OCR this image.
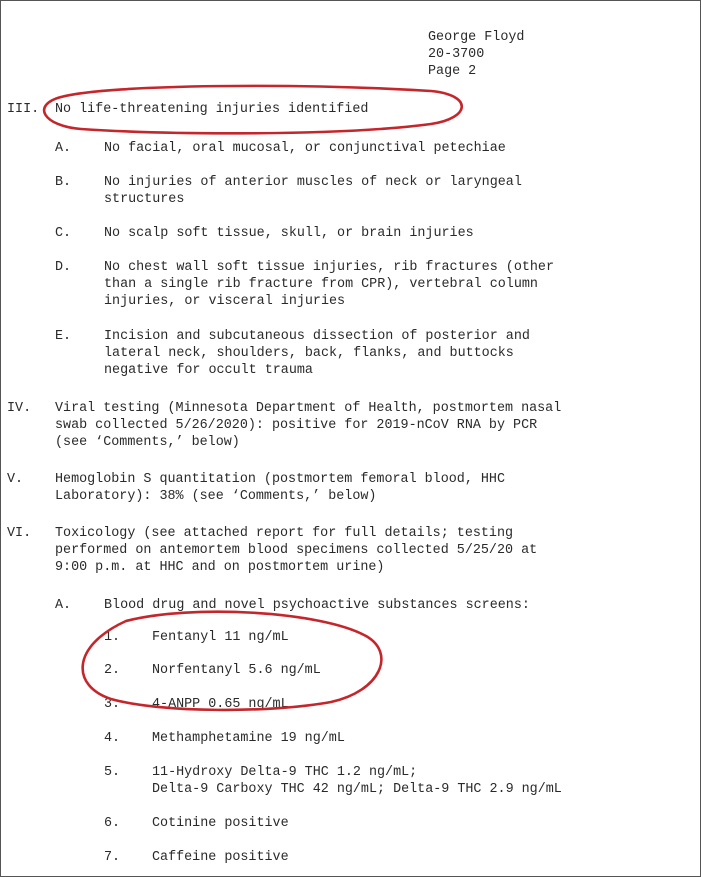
George Floyd
20-3700
Page 2
III. No life-threatening injuries identified
A. No facial, oral mucosal, or conjunctival petechiae
B. No injuries of anterior muscles of neck or laryngeal
structures
C. No scalp soft tissue, skull, or brain injuries
D. No chest wall soft tissue injuries, rib fractures (other
than a single rib fracture from CPR), vertebral column
injuries, or visceral injuries
E. Incision and subcutaneous dissection of posterior and
lateral neck, shoulders, back, flanks, and buttocks
negative for occult trauma
IV. Viral testing (Minnesota Department of Health, postmortem nasal
swab collected 5/26/2020): positive for 2019-nCoV RNA by PCR
(see ‘Comments,’ below)
V. Hemoglobin S quantitation (postmortem femoral blood, HHC
Laboratory): 38% (see ‘Comments,’ below)
VI. Toxicology (see attached report for full details; testing
performed on antemortem blood specimens collected 5/25/20 at
9:00 p.m. at HHC and on postmortem urine)
A. Blood drug and novel psychoactive substances screens:
1. Fentanyl 11 ng/mL
2. Norfentanyl 5.6 ng/mL
3. 4-ANPP 0.65 ng/mL
4. Methamphetamine 19 ng/mL
5. 11-Hydroxy Delta-9 THC 1.2 ng/mL;
Delta-9 Carboxy THC 42 ng/mL; Delta-9 THC 2.9 ng/mL
6. Cotinine positive
7. Caffeine positive
